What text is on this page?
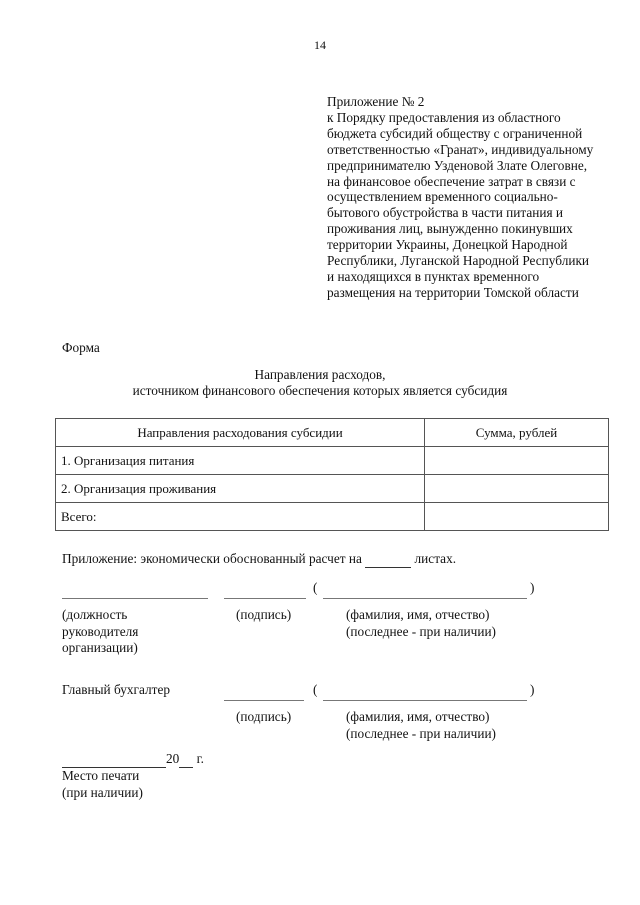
14
Приложение № 2
к Порядку предоставления из областного
бюджета субсидий обществу с ограниченной
ответственностью «Гранат», индивидуальному
предпринимателю Узденовой Злате Олеговне,
на финансовое обеспечение затрат в связи с
осуществлением временного социально-
бытового обустройства в части питания и
проживания лиц, вынужденно покинувших
территории Украины, Донецкой Народной
Республики, Луганской Народной Республики
и находящихся в пунктах временного
размещения на территории Томской области
Форма
Направления расходов,
источником финансового обеспечения которых является субсидия
Направления расходования субсидии	Сумма, рублей
1. Организация питания	
2. Организация проживания	
Всего:	
Приложение: экономически обоснованный расчет на	листах.
(	)
(должность
руководителя
организации)
(подпись)	(фамилия, имя, отчество)
(последнее - при наличии)
Главный бухгалтер	(	)
(подпись)	(фамилия, имя, отчество)
(последнее - при наличии)
20 г.
Место печати
(при наличии)
